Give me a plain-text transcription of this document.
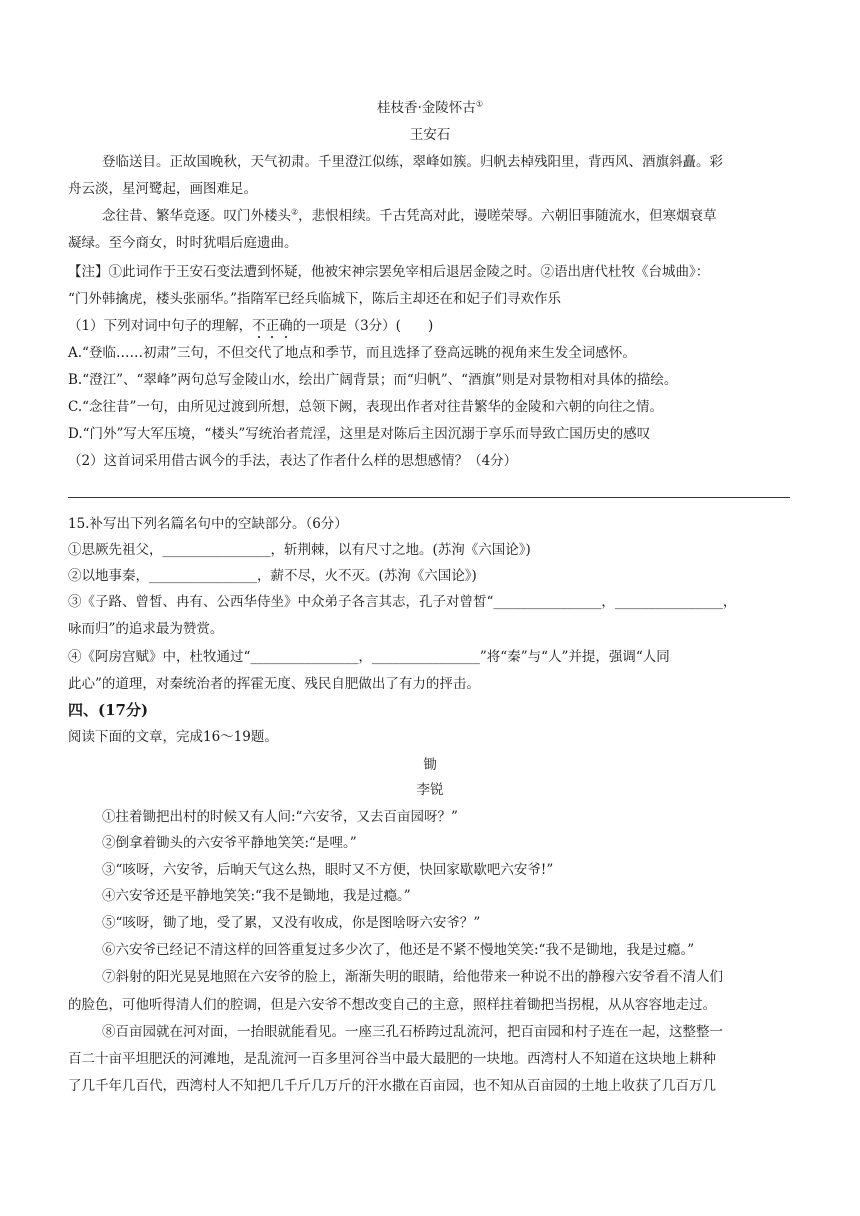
桂枝香·金陵怀古①
王安石
登临送目。正故国晚秋，天气初肃。千里澄江似练，翠峰如簇。归帆去棹残阳里，背西风、酒旗斜矗。彩
舟云淡，星河鹭起，画图难足。
念往昔、繁华竞逐。叹门外楼头②，悲恨相续。千古凭高对此，谩嗟荣辱。六朝旧事随流水，但寒烟衰草
凝绿。至今商女，时时犹唱后庭遗曲。
【注】①此词作于王安石变法遭到怀疑，他被宋神宗罢免宰相后退居金陵之时。②语出唐代杜牧《台城曲》：
“门外韩擒虎，楼头张丽华。”指隋军已经兵临城下，陈后主却还在和妃子们寻欢作乐
（1）下列对词中句子的理解，不正确的一项是（3分）(　　)
A.“登临……初肃”三句，不但交代了地点和季节，而且选择了登高远眺的视角来生发全词感怀。
B.“澄江”、“翠峰”两句总写金陵山水，绘出广阔背景；而“归帆”、“酒旗”则是对景物相对具体的描绘。
C.“念往昔”一句，由所见过渡到所想，总领下阙，表现出作者对往昔繁华的金陵和六朝的向往之情。
D.“门外”写大军压境，“楼头”写统治者荒淫，这里是对陈后主因沉溺于享乐而导致亡国历史的感叹
（2）这首词采用借古讽今的手法，表达了作者什么样的思想感情？（4分）
15.补写出下列名篇名句中的空缺部分。（6分）
①思厥先祖父，________________，斩荆棘，以有尺寸之地。(苏洵《六国论》)
②以地事秦，________________，薪不尽，火不灭。(苏洵《六国论》)
③《子路、曾皙、冉有、公西华侍坐》中众弟子各言其志，孔子对曾皙“________________，________________，
咏而归”的追求最为赞赏。
④《阿房宫赋》中，杜牧通过“________________，________________”将“秦”与“人”并提，强调“人同
此心”的道理，对秦统治者的挥霍无度、残民自肥做出了有力的抨击。
四、(17分)
阅读下面的文章，完成16～19题。
锄
李锐
①拄着锄把出村的时候又有人问:“六安爷，又去百亩园呀？”
②倒拿着锄头的六安爷平静地笑笑:“是哩。”
③“咳呀，六安爷，后晌天气这么热，眼时又不方便，快回家歇歇吧六安爷!”
④六安爷还是平静地笑笑:“我不是锄地，我是过瘾。”
⑤“咳呀，锄了地，受了累，又没有收成，你是图啥呀六安爷？”
⑥六安爷已经记不清这样的回答重复过多少次了，他还是不紧不慢地笑笑:“我不是锄地，我是过瘾。”
⑦斜射的阳光晃晃地照在六安爷的脸上，渐渐失明的眼睛，给他带来一种说不出的静穆六安爷看不清人们
的脸色，可他听得清人们的腔调，但是六安爷不想改变自己的主意，照样拄着锄把当拐棍，从从容容地走过。
⑧百亩园就在河对面，一抬眼就能看见。一座三孔石桥跨过乱流河，把百亩园和村子连在一起，这整整一
百二十亩平坦肥沃的河滩地，是乱流河一百多里河谷当中最大最肥的一块地。西湾村人不知道在这块地上耕种
了几千年几百代，西湾村人不知把几千斤几万斤的汗水撒在百亩园，也不知从百亩园的土地上收获了几百万几
